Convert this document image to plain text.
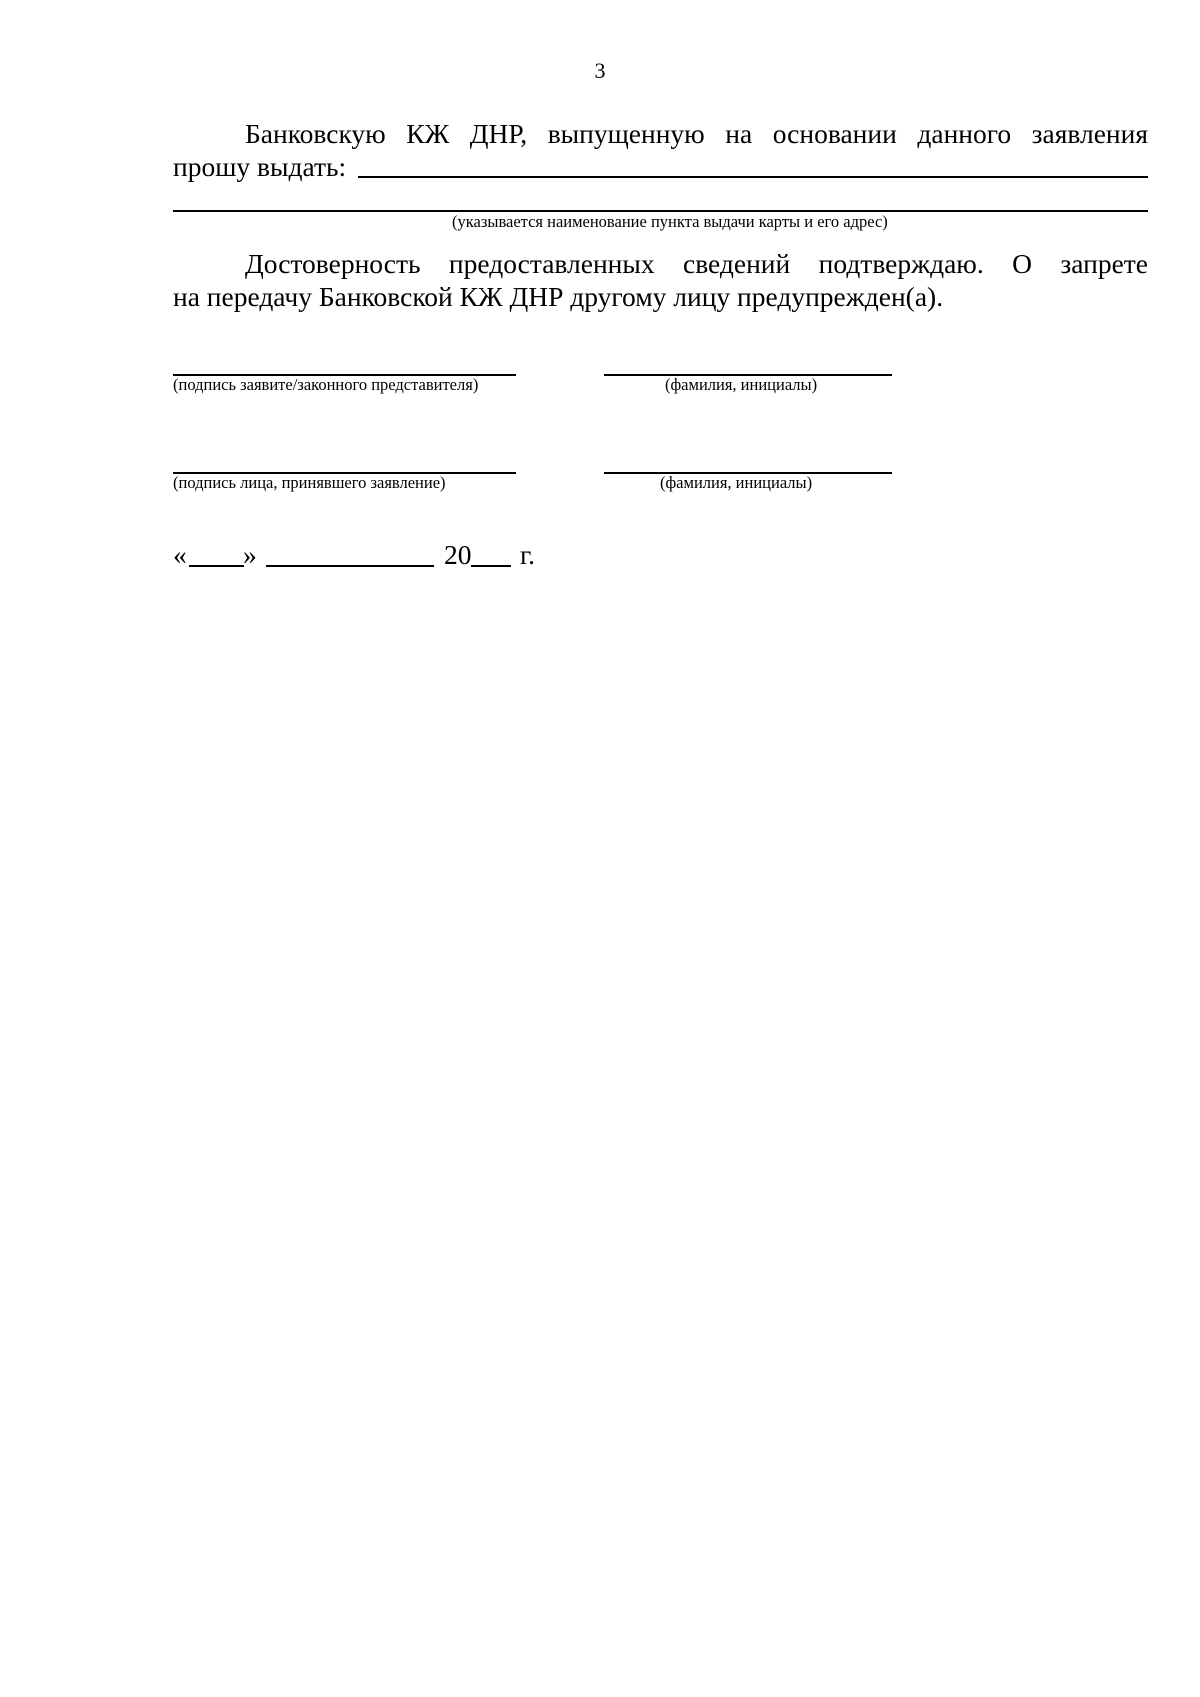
3
Банковскую КЖ ДНР, выпущенную на основании данного заявления
прошу выдать:
(указывается наименование пункта выдачи карты и его адрес)
Достоверность предоставленных сведений подтверждаю. О запрете
на передачу Банковской КЖ ДНР другому лицу предупрежден(а).
(подпись заявите/законного представителя)	(фамилия, инициалы)
(подпись лица, принявшего заявление)	(фамилия, инициалы)
« »	20 г.
